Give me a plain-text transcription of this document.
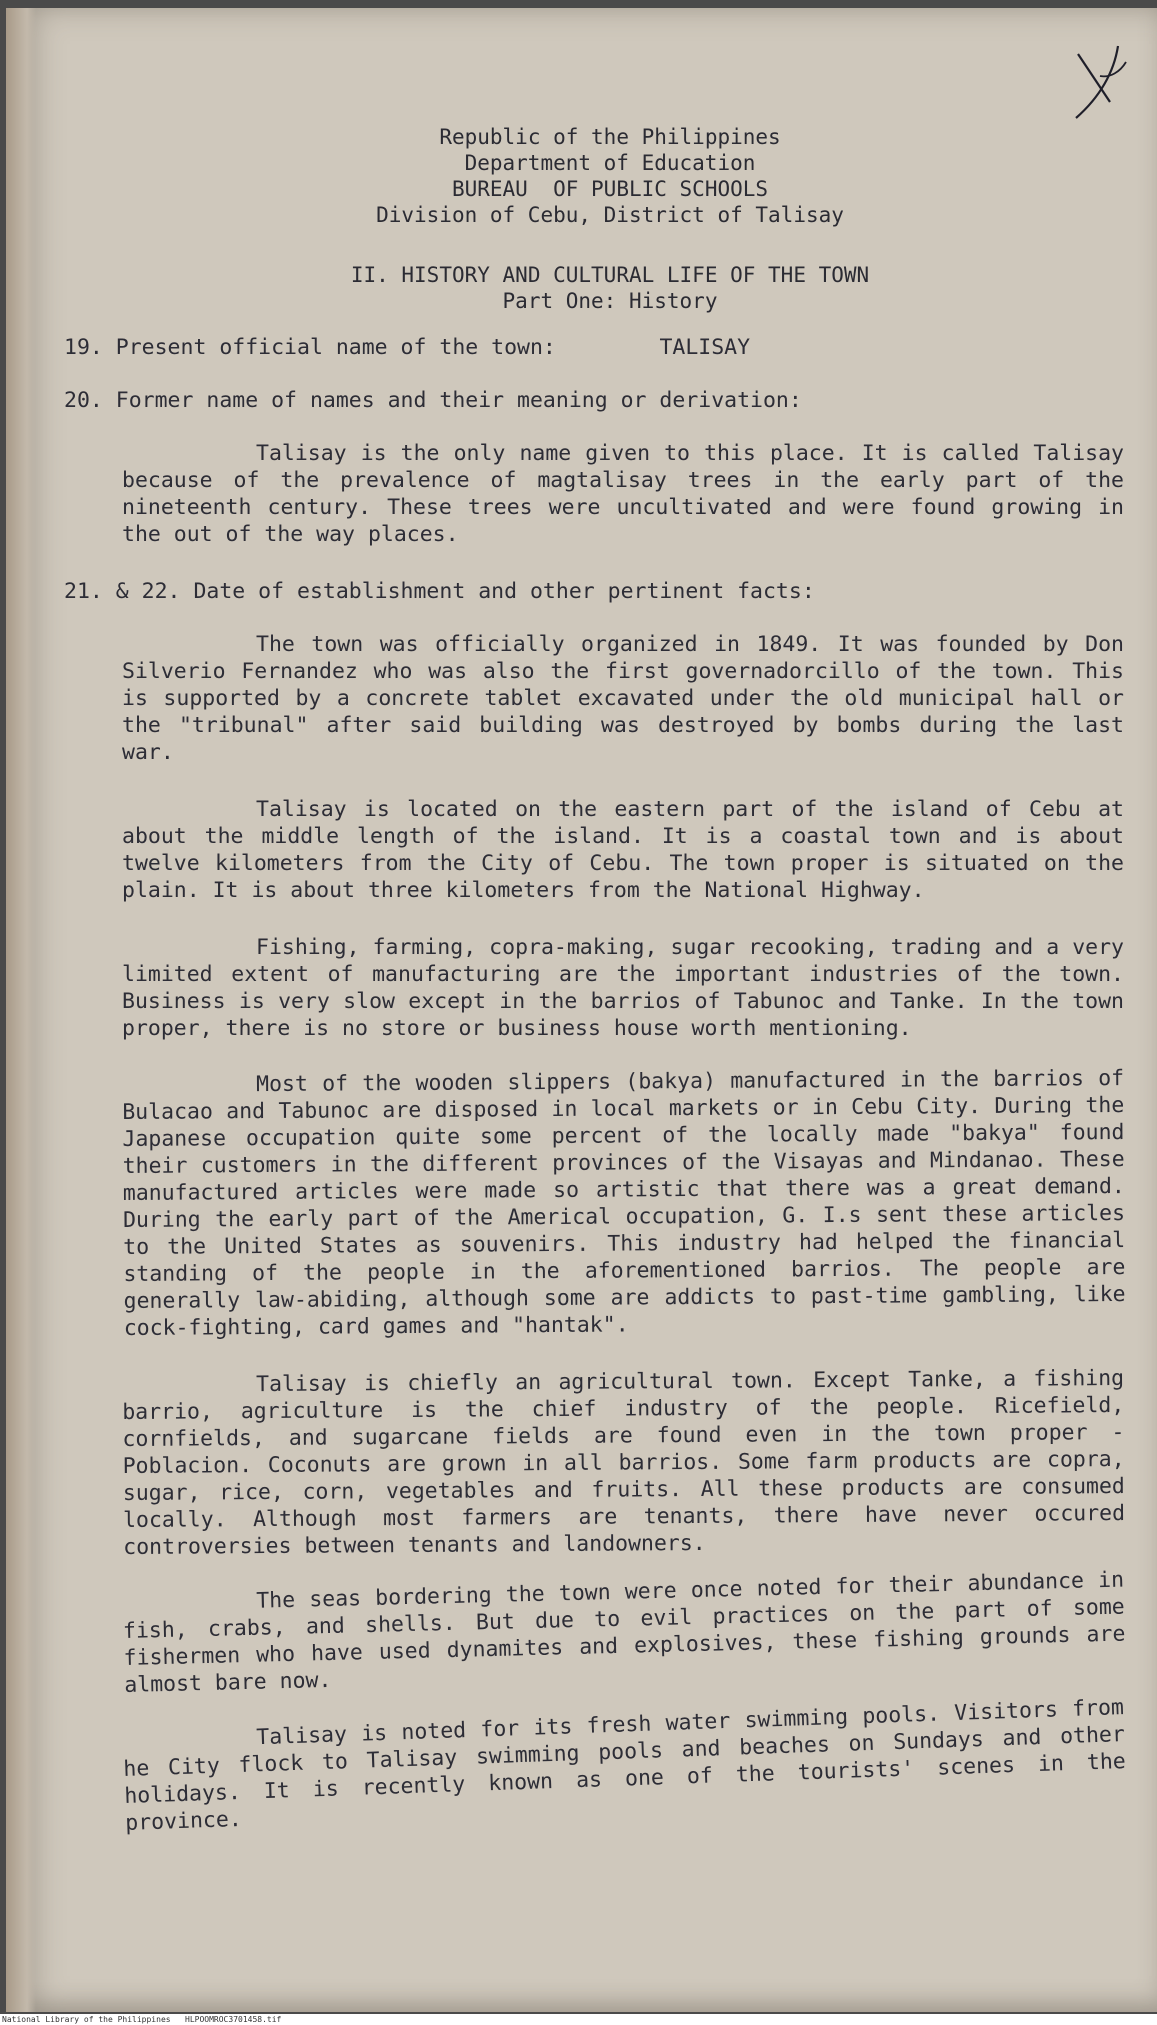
Republic of the Philippines
Department of Education
BUREAU  OF PUBLIC SCHOOLS
Division of Cebu, District of Talisay
II. HISTORY AND CULTURAL LIFE OF THE TOWN
Part One: History
19. Present official name of the town:	TALISAY
20. Former name of names and their meaning or derivation:

Talisay is the only name given to this place. It is called Talisay because of the prevalence of magtalisay trees in the early part of the nineteenth century. These trees were uncultivated and were found growing in the out of the way places.

21. & 22. Date of establishment and other pertinent facts:

The town was officially organized in 1849. It was founded by Don Silverio Fernandez who was also the first governadorcillo of the town. This is supported by a concrete tablet excavated under the old municipal hall or the "tribunal" after said building was destroyed by bombs during the last war.

Talisay is located on the eastern part of the island of Cebu at about the middle length of the island. It is a coastal town and is about twelve kilometers from the City of Cebu. The town proper is situated on the plain. It is about three kilometers from the National Highway.

Fishing, farming, copra-making, sugar recooking, trading and a very limited extent of manufacturing are the important industries of the town. Business is very slow except in the barrios of Tabunoc and Tanke. In the town proper, there is no store or business house worth mentioning.

Most of the wooden slippers (bakya) manufactured in the barrios of Bulacao and Tabunoc are disposed in local markets or in Cebu City. During the Japanese occupation quite some percent of the locally made "bakya" found their customers in the different provinces of the Visayas and Mindanao. These manufactured articles were made so artistic that there was a great demand. During the early part of the Americal occupation, G. I.s sent these articles to the United States as souvenirs. This industry had helped the financial standing of the people in the aforementioned barrios. The people are generally law-abiding, although some are addicts to past-time gambling, like cock-fighting, card games and "hantak".

Talisay is chiefly an agricultural town. Except Tanke, a fishing barrio, agriculture is the chief industry of the people. Ricefield, cornfields, and sugarcane fields are found even in the town proper - Poblacion. Coconuts are grown in all barrios. Some farm products are copra, sugar, rice, corn, vegetables and fruits. All these products are consumed locally. Although most farmers are tenants, there have never occured controversies between tenants and landowners.

The seas bordering the town were once noted for their abundance in fish, crabs, and shells. But due to evil practices on the part of some fishermen who have used dynamites and explosives, these fishing grounds are almost bare now.

Talisay is noted for its fresh water swimming pools. Visitors from he City flock to Talisay swimming pools and beaches on Sundays and other holidays. It is recently known as one of the tourists' scenes in the province.

National Library of the Philippines   HLPOOMROC3701458.tif
